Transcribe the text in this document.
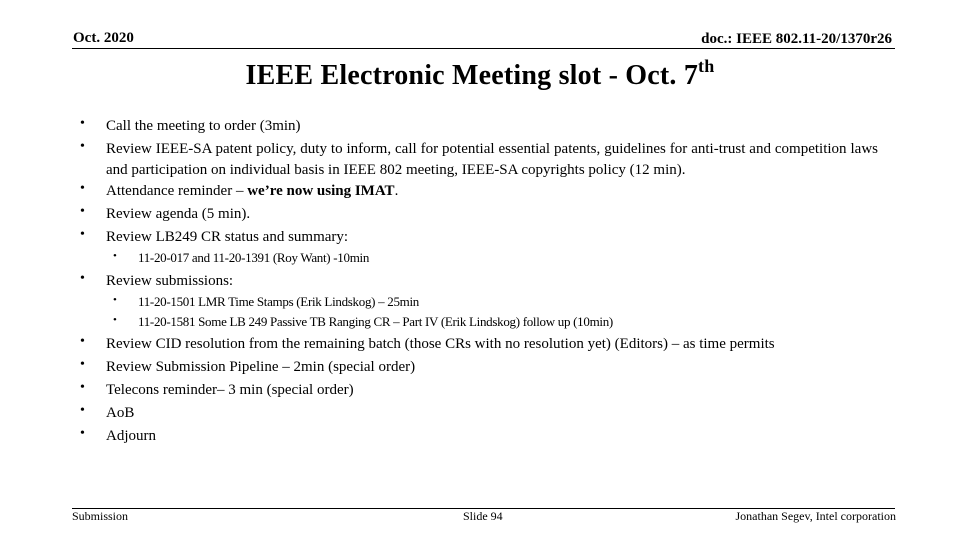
Oct. 2020	doc.: IEEE 802.11-20/1370r26
IEEE Electronic Meeting slot - Oct. 7th
• Call the meeting to order (3min)
• Review IEEE-SA patent policy, duty to inform, call for potential essential patents, guidelines for anti-trust and competition laws and participation on individual basis in IEEE 802 meeting, IEEE-SA copyrights policy (12 min).
• Attendance reminder – we’re now using IMAT.
• Review agenda (5 min).
• Review LB249 CR status and summary:
• 11-20-017 and 11-20-1391 (Roy Want) -10min
• Review submissions:
• 11-20-1501 LMR Time Stamps (Erik Lindskog) – 25min
• 11-20-1581 Some LB 249 Passive TB Ranging CR – Part IV (Erik Lindskog) follow up (10min)
• Review CID resolution from the remaining batch (those CRs with no resolution yet) (Editors) – as time permits
• Review Submission Pipeline – 2min (special order)
• Telecons reminder– 3 min (special order)
• AoB
• Adjourn
Submission	Slide 94	Jonathan Segev, Intel corporation
